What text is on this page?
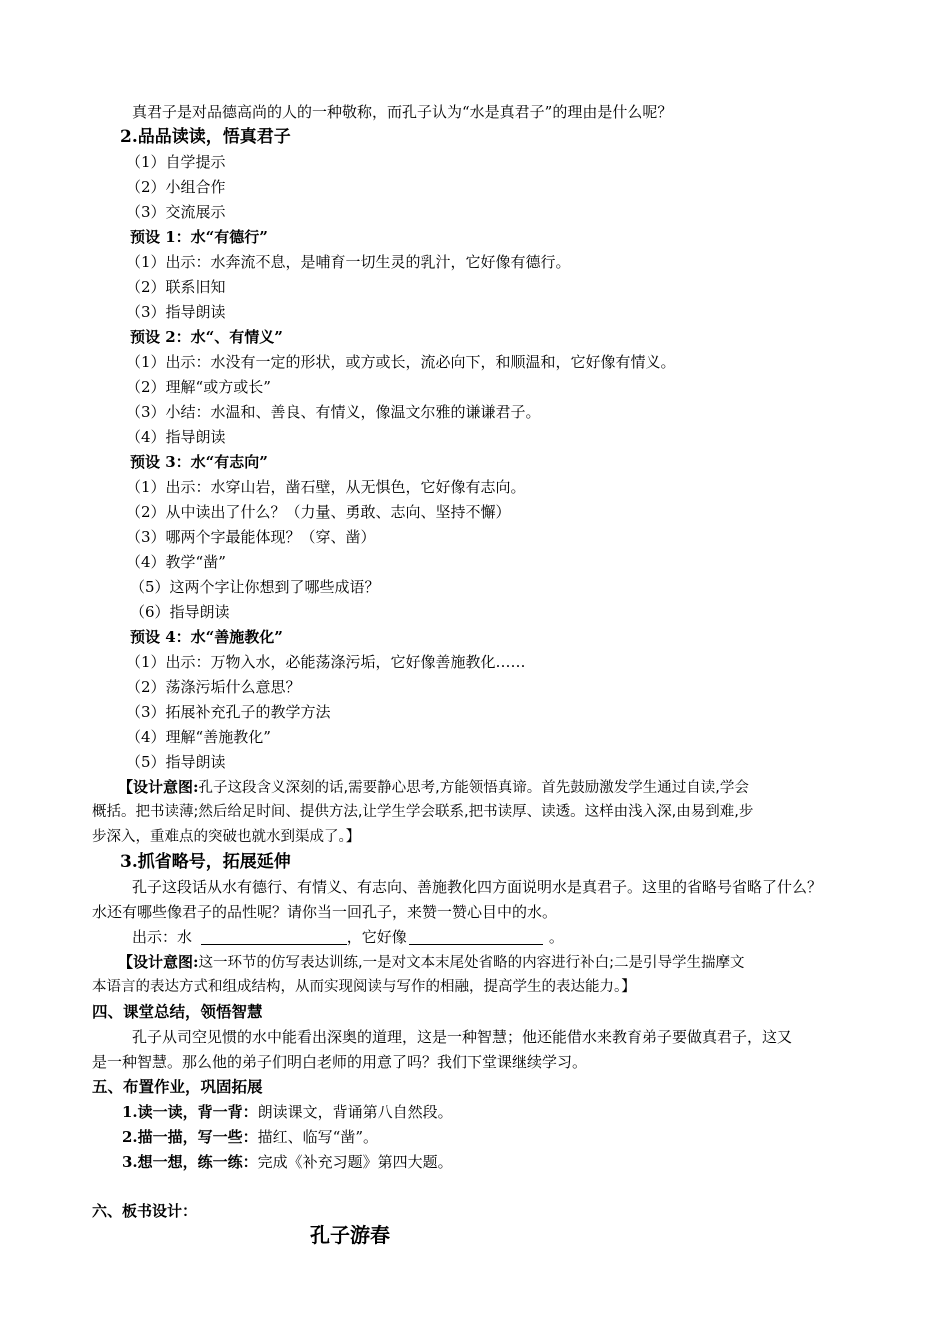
真君子是对品德高尚的人的一种敬称，而孔子认为“水是真君子”的理由是什么呢？
2.品品读读，悟真君子
（1）自学提示
（2）小组合作
（3）交流展示
预设 1：水“有德行”
（1）出示：水奔流不息，是哺育一切生灵的乳汁，它好像有德行。
（2）联系旧知
（3）指导朗读
预设 2：水“、有情义”
（1）出示：水没有一定的形状，或方或长，流必向下，和顺温和，它好像有情义。
（2）理解“或方或长”
（3）小结：水温和、善良、有情义，像温文尔雅的谦谦君子。
（4）指导朗读
预设 3：水“有志向”
（1）出示：水穿山岩，凿石壁，从无惧色，它好像有志向。
（2）从中读出了什么？（力量、勇敢、志向、坚持不懈）
（3）哪两个字最能体现？（穿、凿）
（4）教学“凿”
（5）这两个字让你想到了哪些成语？
（6）指导朗读
预设 4：水“善施教化”
（1）出示：万物入水，必能荡涤污垢，它好像善施教化……
（2）荡涤污垢什么意思？
（3）拓展补充孔子的教学方法
（4）理解“善施教化”
（5）指导朗读
【设计意图:孔子这段含义深刻的话,需要静心思考,方能领悟真谛。首先鼓励激发学生通过自读,学会
概括。把书读薄;然后给足时间、提供方法,让学生学会联系,把书读厚、读透。这样由浅入深,由易到难,步
步深入，重难点的突破也就水到渠成了。】
3.抓省略号，拓展延伸
孔子这段话从水有德行、有情义、有志向、善施教化四方面说明水是真君子。这里的省略号省略了什么？
水还有哪些像君子的品性呢？请你当一回孔子，来赞一赞心目中的水。
出示：水	，它好像	。
【设计意图:这一环节的仿写表达训练,一是对文本末尾处省略的内容进行补白;二是引导学生揣摩文
本语言的表达方式和组成结构，从而实现阅读与写作的相融，提高学生的表达能力。】
四、课堂总结，领悟智慧
孔子从司空见惯的水中能看出深奥的道理，这是一种智慧；他还能借水来教育弟子要做真君子，这又
是一种智慧。那么他的弟子们明白老师的用意了吗？我们下堂课继续学习。
五、布置作业，巩固拓展
1.读一读，背一背：朗读课文，背诵第八自然段。
2.描一描，写一些：描红、临写“凿”。
3.想一想，练一练：完成《补充习题》第四大题。
六、板书设计：
孔子游春
